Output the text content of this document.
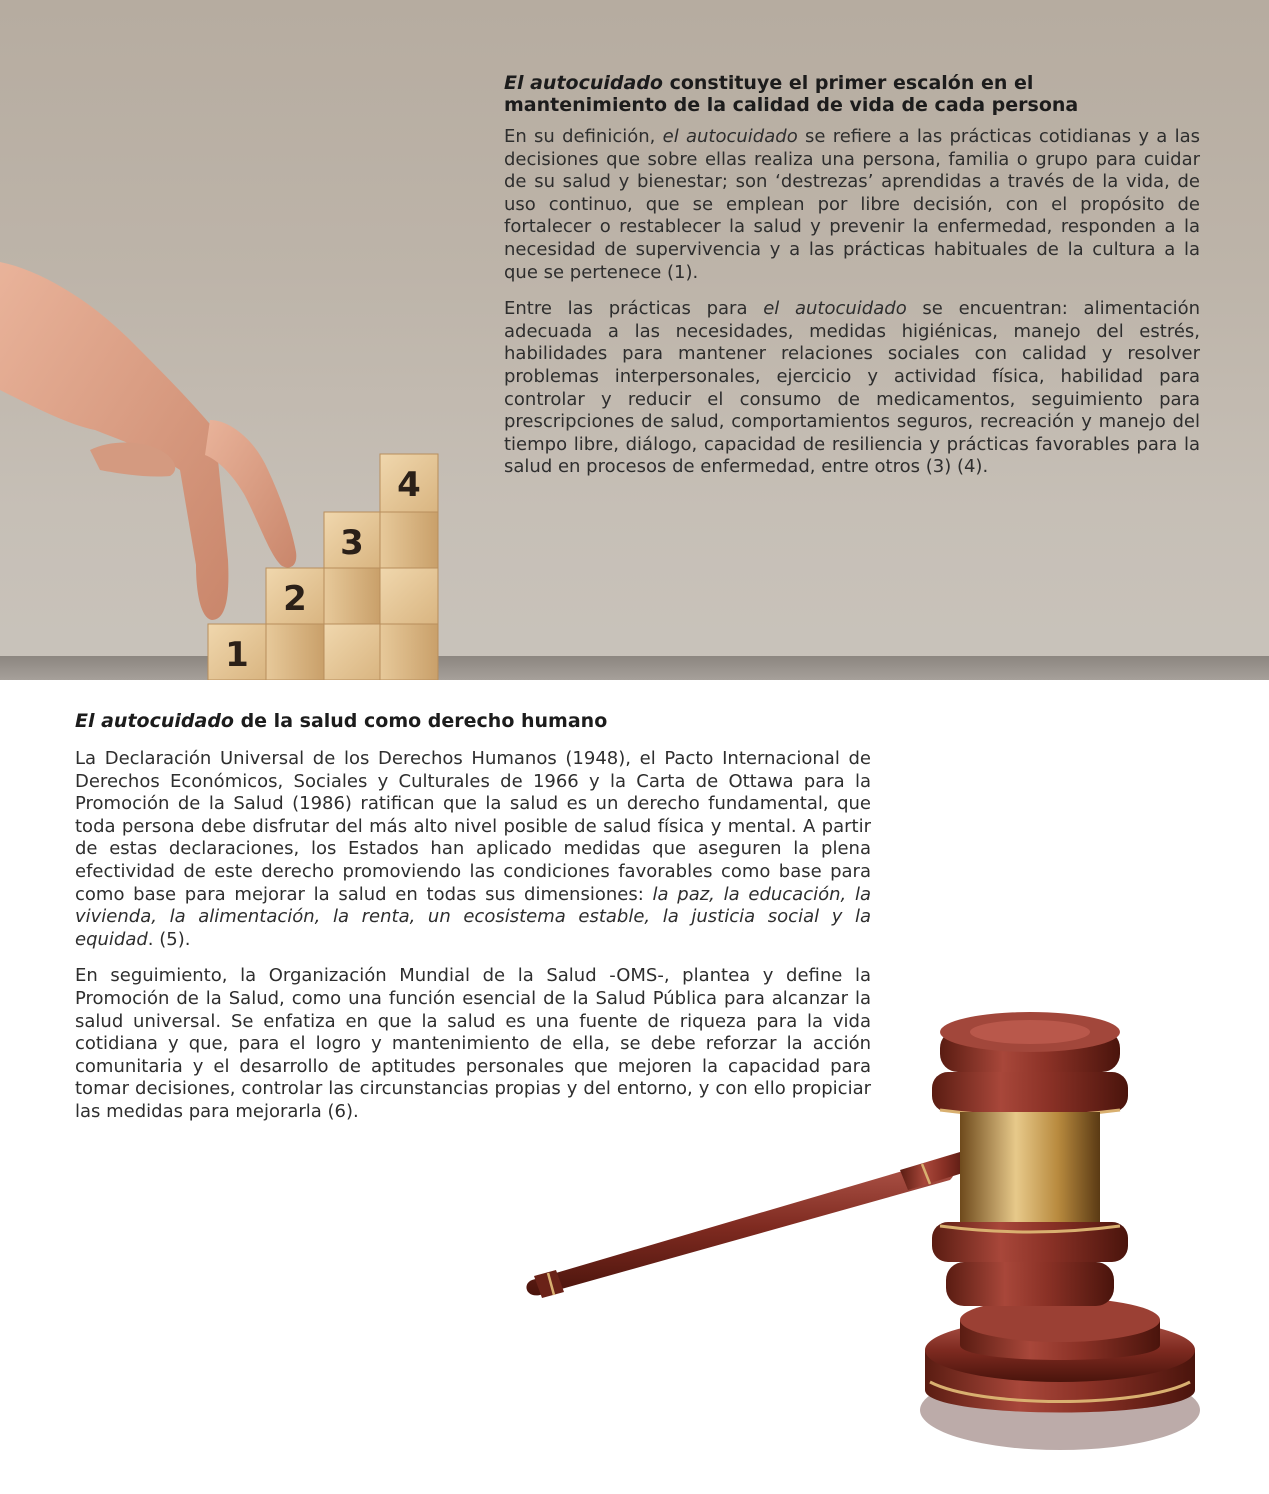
1
2
3
4

El autocuidado constituye el primer escalón en el mantenimiento de la calidad de vida de cada persona

En su definición, el autocuidado se refiere a las prácticas cotidianas y a las decisiones que sobre ellas realiza una persona, familia o grupo para cuidar de su salud y bienestar; son ‘destrezas’ aprendidas a través de la vida, de uso continuo, que se emplean por libre decisión, con el propósito de fortalecer o restablecer la salud y prevenir la enfermedad, responden a la necesidad de supervivencia y a las prácticas habituales de la cultura a la que se pertenece (1).

Entre las prácticas para el autocuidado se encuentran: alimentación adecuada a las necesidades, medidas higiénicas, manejo del estrés, habilidades para mantener relaciones sociales con calidad y resolver problemas interpersonales, ejercicio y actividad física, habilidad para controlar y reducir el consumo de medicamentos, seguimiento para prescripciones de salud, comportamientos seguros, recreación y manejo del tiempo libre, diálogo, capacidad de resiliencia y prácticas favorables para la salud en procesos de enfermedad, entre otros (3) (4).

El autocuidado de la salud como derecho humano

La Declaración Universal de los Derechos Humanos (1948), el Pacto Internacional de Derechos Económicos, Sociales y Culturales de 1966 y la Carta de Ottawa para la Promoción de la Salud (1986) ratifican que la salud es un derecho fundamental, que toda persona debe disfrutar del más alto nivel posible de salud física y mental. A partir de estas declaraciones, los Estados han aplicado medidas que aseguren la plena efectividad de este derecho promoviendo las condiciones favorables como base para como base para mejorar la salud en todas sus dimensiones: la paz, la educación, la vivienda, la alimentación, la renta, un ecosistema estable, la justicia social y la equidad. (5).

En seguimiento, la Organización Mundial de la Salud -OMS-, plantea y define la Promoción de la Salud, como una función esencial de la Salud Pública para alcanzar la salud universal. Se enfatiza en que la salud es una fuente de riqueza para la vida cotidiana y que, para el logro y mantenimiento de ella, se debe reforzar la acción comunitaria y el desarrollo de aptitudes personales que mejoren la capacidad para tomar decisiones, controlar las circunstancias propias y del entorno, y con ello propiciar las medidas para mejorarla (6).
